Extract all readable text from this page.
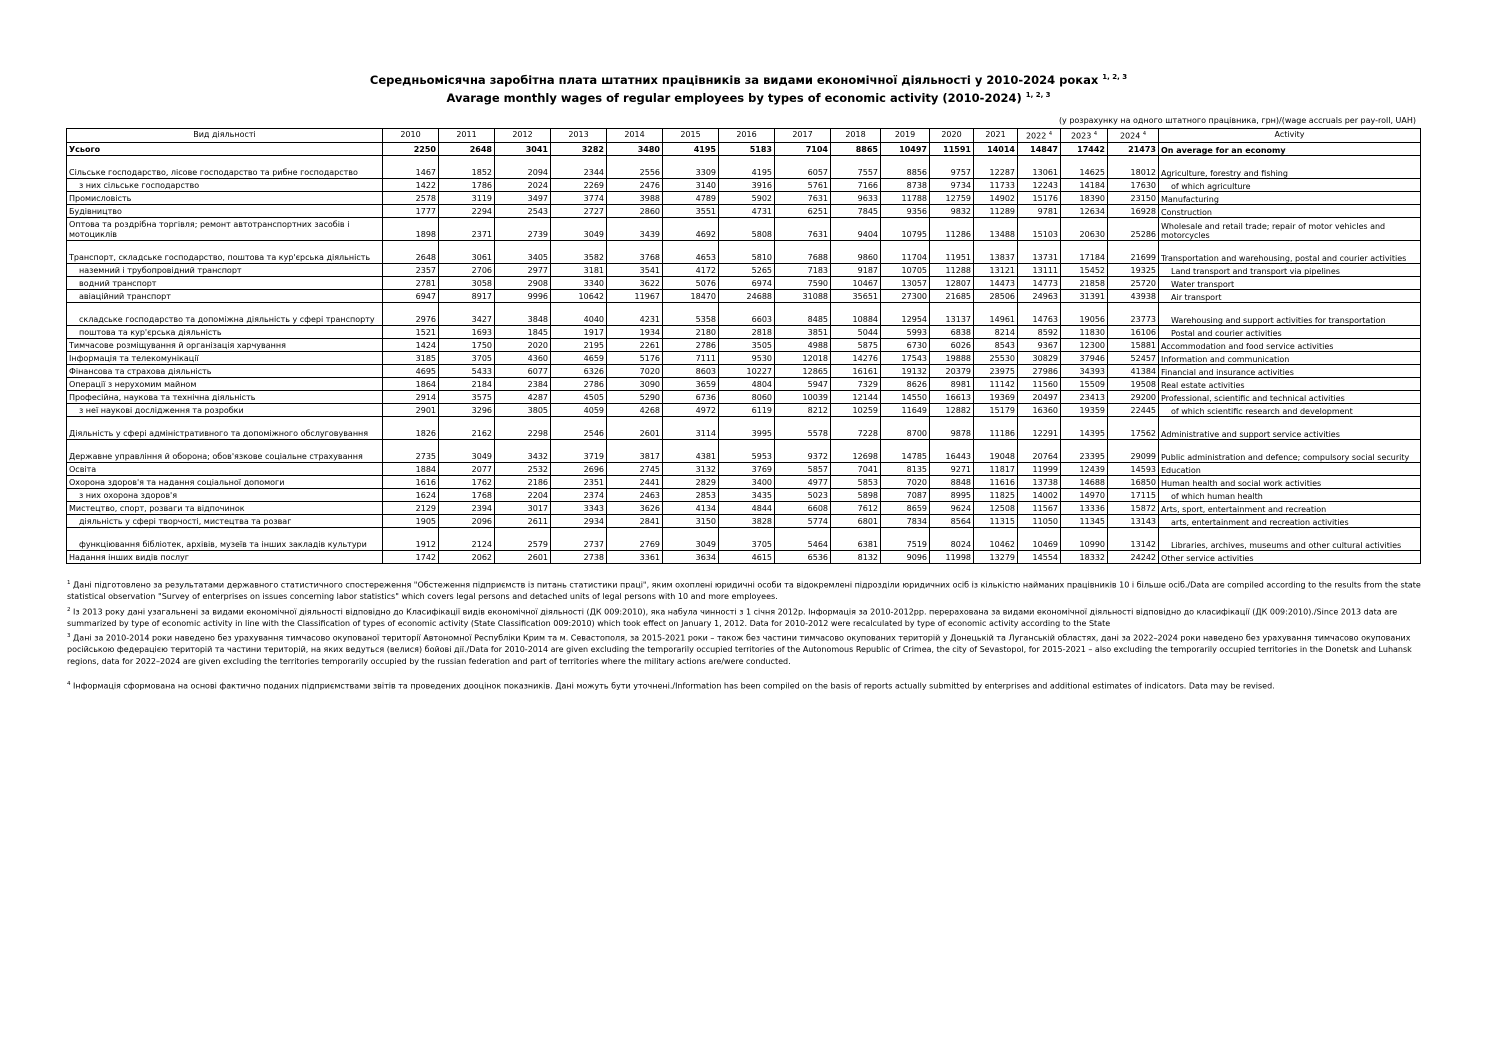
Середньомісячна заробітна плата штатних працівників за видами економічної діяльності у 2010-2024 роках $^{1, 2, 3}$
Avarage monthly wages of regular employees by types of economic activity (2010-2024) $^{1, 2, 3}$
(у розрахунку на одного штатного працівника, грн)/(wage accruals per pay-roll, UAH)
Вид діяльності	2010	2011	2012	2013	2014	2015	2016	2017	2018	2019	2020	2021	2022 $^4$	2023 $^4$	2024 $^4$	Activity
Усього	2250	2648	3041	3282	3480	4195	5183	7104	8865	10497	11591	14014	14847	17442	21473	On average for an economy
Сільське господарство, лісове господарство та рибне господарство	1467	1852	2094	2344	2556	3309	4195	6057	7557	8856	9757	12287	13061	14625	18012	Agriculture, forestry and fishing
з них сільське господарство	1422	1786	2024	2269	2476	3140	3916	5761	7166	8738	9734	11733	12243	14184	17630	of which agriculture
Промисловість	2578	3119	3497	3774	3988	4789	5902	7631	9633	11788	12759	14902	15176	18390	23150	Manufacturing
Будівництво	1777	2294	2543	2727	2860	3551	4731	6251	7845	9356	9832	11289	9781	12634	16928	Construction
Оптова та роздрібна торгівля; ремонт автотранспортних засобів і мотоциклів	1898	2371	2739	3049	3439	4692	5808	7631	9404	10795	11286	13488	15103	20630	25286	Wholesale and retail trade; repair of motor vehicles and motorcycles
Транспорт, складське господарство, поштова та кур'єрська діяльність	2648	3061	3405	3582	3768	4653	5810	7688	9860	11704	11951	13837	13731	17184	21699	Transportation and warehousing, postal and courier activities
наземний і трубопровідний транспорт	2357	2706	2977	3181	3541	4172	5265	7183	9187	10705	11288	13121	13111	15452	19325	Land transport and transport via pipelines
водний транспорт	2781	3058	2908	3340	3622	5076	6974	7590	10467	13057	12807	14473	14773	21858	25720	Water transport
авіаційний транспорт	6947	8917	9996	10642	11967	18470	24688	31088	35651	27300	21685	28506	24963	31391	43938	Air transport
складське господарство та допоміжна діяльність у сфері транспорту	2976	3427	3848	4040	4231	5358	6603	8485	10884	12954	13137	14961	14763	19056	23773	Warehousing and support activities for transportation
поштова та кур'єрська діяльність	1521	1693	1845	1917	1934	2180	2818	3851	5044	5993	6838	8214	8592	11830	16106	Postal and courier activities
Тимчасове розміщування й організація харчування	1424	1750	2020	2195	2261	2786	3505	4988	5875	6730	6026	8543	9367	12300	15881	Accommodation and food service activities
Інформація та телекомунікації	3185	3705	4360	4659	5176	7111	9530	12018	14276	17543	19888	25530	30829	37946	52457	Information and communication
Фінансова та страхова діяльність	4695	5433	6077	6326	7020	8603	10227	12865	16161	19132	20379	23975	27986	34393	41384	Financial and insurance activities
Операції з нерухомим майном	1864	2184	2384	2786	3090	3659	4804	5947	7329	8626	8981	11142	11560	15509	19508	Real estate activities
Професійна, наукова та технічна діяльність	2914	3575	4287	4505	5290	6736	8060	10039	12144	14550	16613	19369	20497	23413	29200	Professional, scientific and technical activities
з неї наукові дослідження та розробки	2901	3296	3805	4059	4268	4972	6119	8212	10259	11649	12882	15179	16360	19359	22445	of which scientific research and development
Діяльність у сфері адміністративного та допоміжного обслуговування	1826	2162	2298	2546	2601	3114	3995	5578	7228	8700	9878	11186	12291	14395	17562	Administrative and support service activities
Державне управління й оборона; обов'язкове соціальне страхування	2735	3049	3432	3719	3817	4381	5953	9372	12698	14785	16443	19048	20764	23395	29099	Public administration and defence; compulsory social security
Освіта	1884	2077	2532	2696	2745	3132	3769	5857	7041	8135	9271	11817	11999	12439	14593	Education
Охорона здоров'я та надання соціальної допомоги	1616	1762	2186	2351	2441	2829	3400	4977	5853	7020	8848	11616	13738	14688	16850	Human health and social work activities
з них охорона здоров'я	1624	1768	2204	2374	2463	2853	3435	5023	5898	7087	8995	11825	14002	14970	17115	of which human health
Мистецтво, спорт, розваги та відпочинок	2129	2394	3017	3343	3626	4134	4844	6608	7612	8659	9624	12508	11567	13336	15872	Arts, sport, entertainment and recreation
діяльність у сфері творчості, мистецтва та розваг	1905	2096	2611	2934	2841	3150	3828	5774	6801	7834	8564	11315	11050	11345	13143	arts, entertainment and recreation activities
функціювання бібліотек, архівів, музеїв та інших закладів культури	1912	2124	2579	2737	2769	3049	3705	5464	6381	7519	8024	10462	10469	10990	13142	Libraries, archives, museums and other cultural activities
Надання інших видів послуг	1742	2062	2601	2738	3361	3634	4615	6536	8132	9096	11998	13279	14554	18332	24242	Other service activities

$^1$ Дані підготовлено за результатами державного статистичного спостереження "Обстеження підприємств із питань статистики праці", яким охоплені юридичні особи та відокремлені підрозділи юридичних осіб із кількістю найманих працівників 10 і більше осіб./Data are compiled according to the results from the state statistical observation "Survey of enterprises on issues concerning labor statistics" which covers legal persons and detached units of legal persons with 10 and more employees.

$^2$ Із 2013 року дані узагальнені за видами економічної діяльності відповідно до Класифікації видів економічної діяльності (ДК 009:2010), яка набула чинності з 1 січня 2012р. Інформація за 2010-2012рр. перерахована за видами економічної діяльності відповідно до класифікації (ДК 009:2010)./Since 2013 data are summarized by type of economic activity in line with the Classification of types of economic activity (State Classification 009:2010) which took effect on January 1, 2012. Data for 2010-2012 were recalculated by type of economic activity according to the State

$^3$ Дані за 2010-2014 роки наведено без урахування тимчасово окупованої території Автономної Республіки Крим та м. Севастополя, за 2015-2021 роки – також без частини тимчасово окупованих територій у Донецькій та Луганській областях, дані за 2022–2024 роки наведено без урахування тимчасово окупованих російською федерацією територій та частини територій, на яких ведуться (велися) бойові дії./Data for 2010-2014 are given excluding the temporarily occupied territories of the Autonomous Republic of Crimea, the city of Sevastopol, for 2015-2021 – also excluding the temporarily occupied territories in the Donetsk and Luhansk regions, data for 2022–2024 are given excluding the territories temporarily occupied by the russian federation and part of territories where the military actions are/were conducted.

$^4$ Інформація сформована на основі фактично поданих підприємствами звітів та проведених дооцінок показників. Дані можуть бути уточнені./Information has been compiled on the basis of reports actually submitted by enterprises and additional estimates of indicators. Data may be revised.
